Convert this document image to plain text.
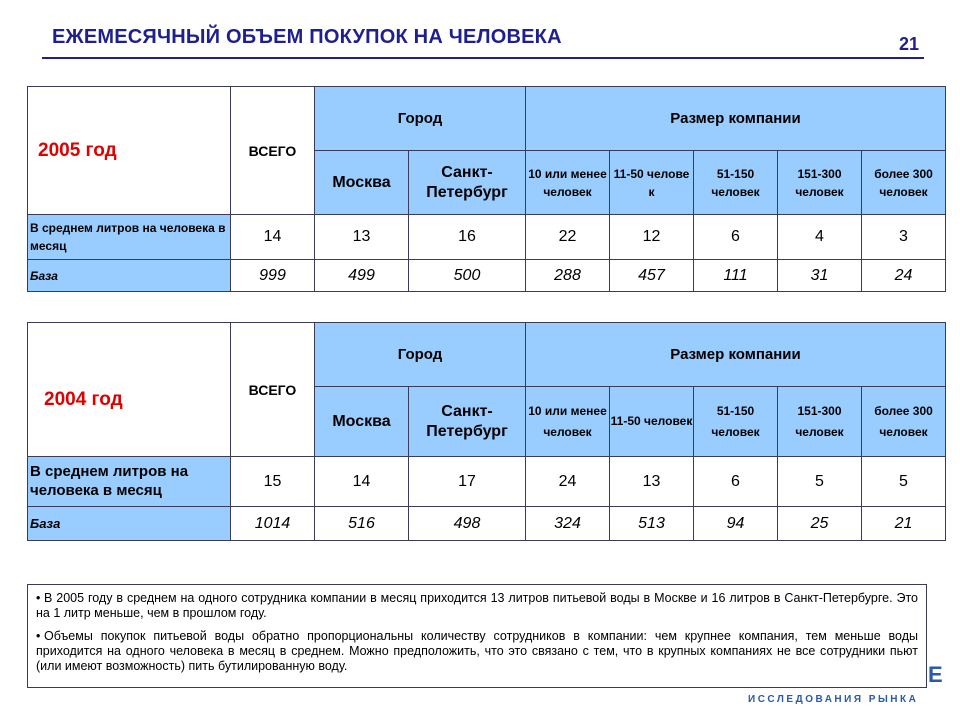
ЕЖЕМЕСЯЧНЫЙ ОБЪЕМ ПОКУПОК НА ЧЕЛОВЕКА	21
2005 год	ВСЕГО	Город		Размер компании				
		Москва	Санкт-Петербург	10 или менее человек	11-50 челове к	51-150 человек	151-300 человек	более 300 человек
В среднем литров на человека в месяц	14	13	16	22	12	6	4	3
База	999	499	500	288	457	111	31	24
2004 год	ВСЕГО	Город		Размер компании				
		Москва	Санкт-Петербург	10 или менее человек	11-50 человек	51-150 человек	151-300 человек	более 300 человек
В среднем литров на человека в месяц	15	14	17	24	13	6	5	5
База	1014	516	498	324	513	94	25	21

• В 2005 году в среднем на одного сотрудника компании в месяц приходится 13 литров питьевой воды в Москве и 16 литров в Санкт-Петербурге. Это на 1 литр меньше, чем в прошлом году.

• Объемы покупок питьевой воды обратно пропорциональны количеству сотрудников в компании: чем крупнее компания, тем меньше воды приходится на одного человека в месяц в среднем. Можно предположить, что это связано с тем, что в крупных компаниях не все сотрудники пьют (или имеют возможность) пить бутилированную воду.	Е
ИССЛЕДОВАНИЯ РЫНКА
